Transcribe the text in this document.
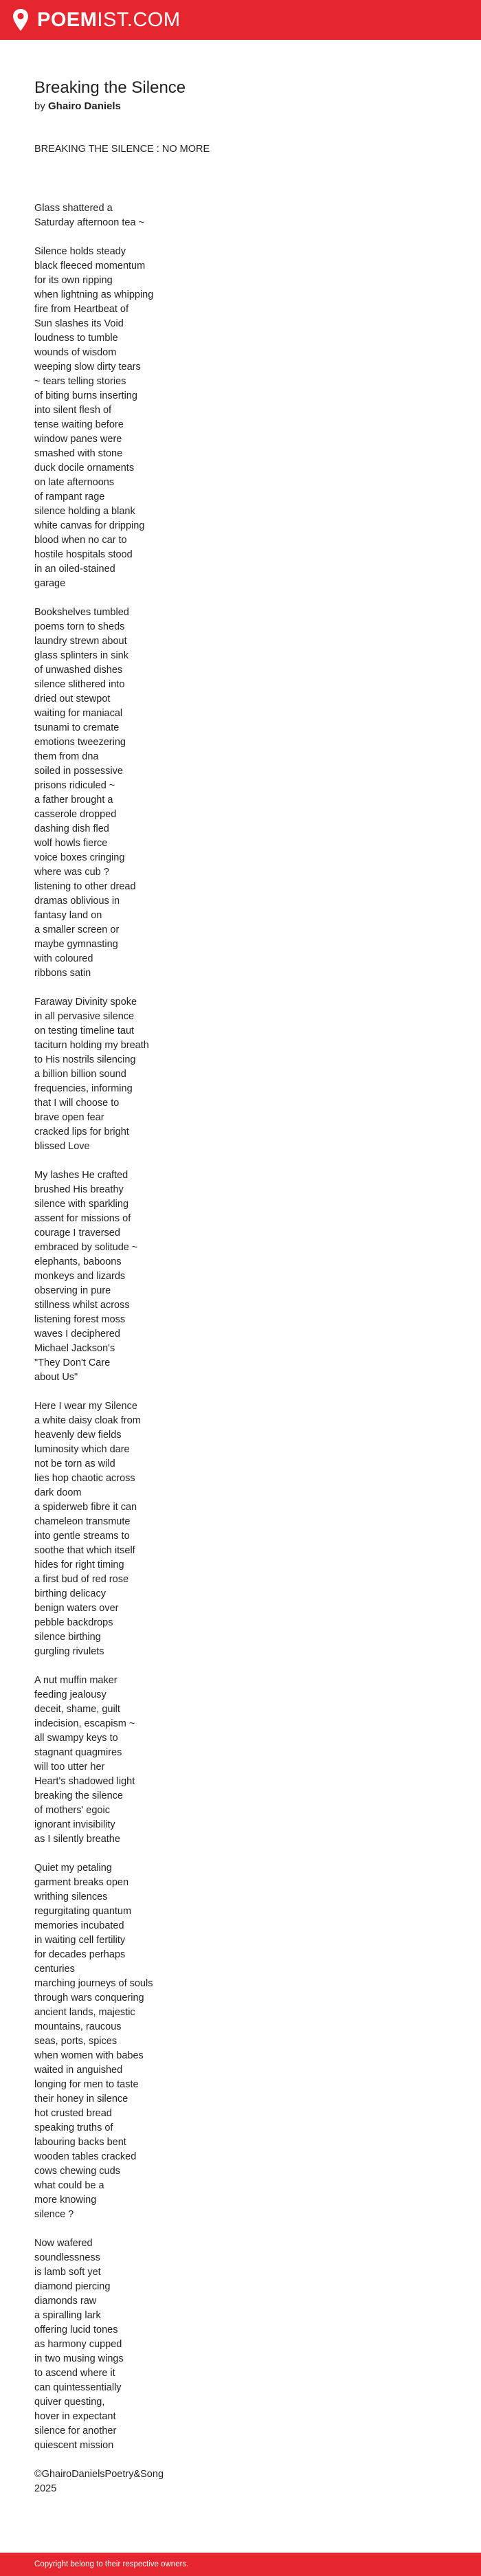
POEMIST.COM
Breaking the Silence
by Ghairo Daniels
BREAKING THE SILENCE : NO MORE
Glass shattered a
Saturday afternoon tea ~
Silence holds steady
black fleeced momentum
for its own ripping
when lightning as whipping
fire from Heartbeat of
Sun slashes its Void
loudness to tumble
wounds of wisdom
weeping slow dirty tears
~ tears telling stories
of biting burns inserting
into silent flesh of
tense waiting before
window panes were
smashed with stone
duck docile ornaments
on late afternoons
of rampant rage
silence holding a blank
white canvas for dripping
blood when no car to
hostile hospitals stood
in an oiled-stained
garage
Bookshelves tumbled
poems torn to sheds
laundry strewn about
glass splinters in sink
of unwashed dishes
silence slithered into
dried out stewpot
waiting for maniacal
tsunami to cremate
emotions tweezering
them from dna
soiled in possessive
prisons ridiculed ~
a father brought a
casserole dropped
dashing dish fled
wolf howls fierce
voice boxes cringing
where was cub ?
listening to other dread
dramas oblivious in
fantasy land on
a smaller screen or
maybe gymnasting
with coloured
ribbons satin
Faraway Divinity spoke
in all pervasive silence
on testing timeline taut
taciturn holding my breath
to His nostrils silencing
a billion billion sound
frequencies, informing
that I will choose to
brave open fear
cracked lips for bright
blissed Love
My lashes He crafted
brushed His breathy
silence with sparkling
assent for missions of
courage I traversed
embraced by solitude ~
elephants, baboons
monkeys and lizards
observing in pure
stillness whilst across
listening forest moss
waves I deciphered
Michael Jackson's
"They Don't Care
about Us"
Here I wear my Silence
a white daisy cloak from
heavenly dew fields
luminosity which dare
not be torn as wild
lies hop chaotic across
dark doom
a spiderweb fibre it can
chameleon transmute
into gentle streams to
soothe that which itself
hides for right timing
a first bud of red rose
birthing delicacy
benign waters over
pebble backdrops
silence birthing
gurgling rivulets
A nut muffin maker
feeding jealousy
deceit, shame, guilt
indecision, escapism ~
all swampy keys to
stagnant quagmires
will too utter her
Heart's shadowed light
breaking the silence
of mothers' egoic
ignorant invisibility
as I silently breathe
Quiet my petaling
garment breaks open
writhing silences
regurgitating quantum
memories incubated
in waiting cell fertility
for decades perhaps
centuries
marching journeys of souls
through wars conquering
ancient lands, majestic
mountains, raucous
seas, ports, spices
when women with babes
waited in anguished
longing for men to taste
their honey in silence
hot crusted bread
speaking truths of
labouring backs bent
wooden tables cracked
cows chewing cuds
what could be a
more knowing
silence ?
Now wafered
soundlessness
is lamb soft yet
diamond piercing
diamonds raw
a spiralling lark
offering lucid tones
as harmony cupped
in two musing wings
to ascend where it
can quintessentially
quiver questing,
hover in expectant
silence for another
quiescent mission
©GhairoDanielsPoetry&Song
2025
Copyright belong to their respective owners.
